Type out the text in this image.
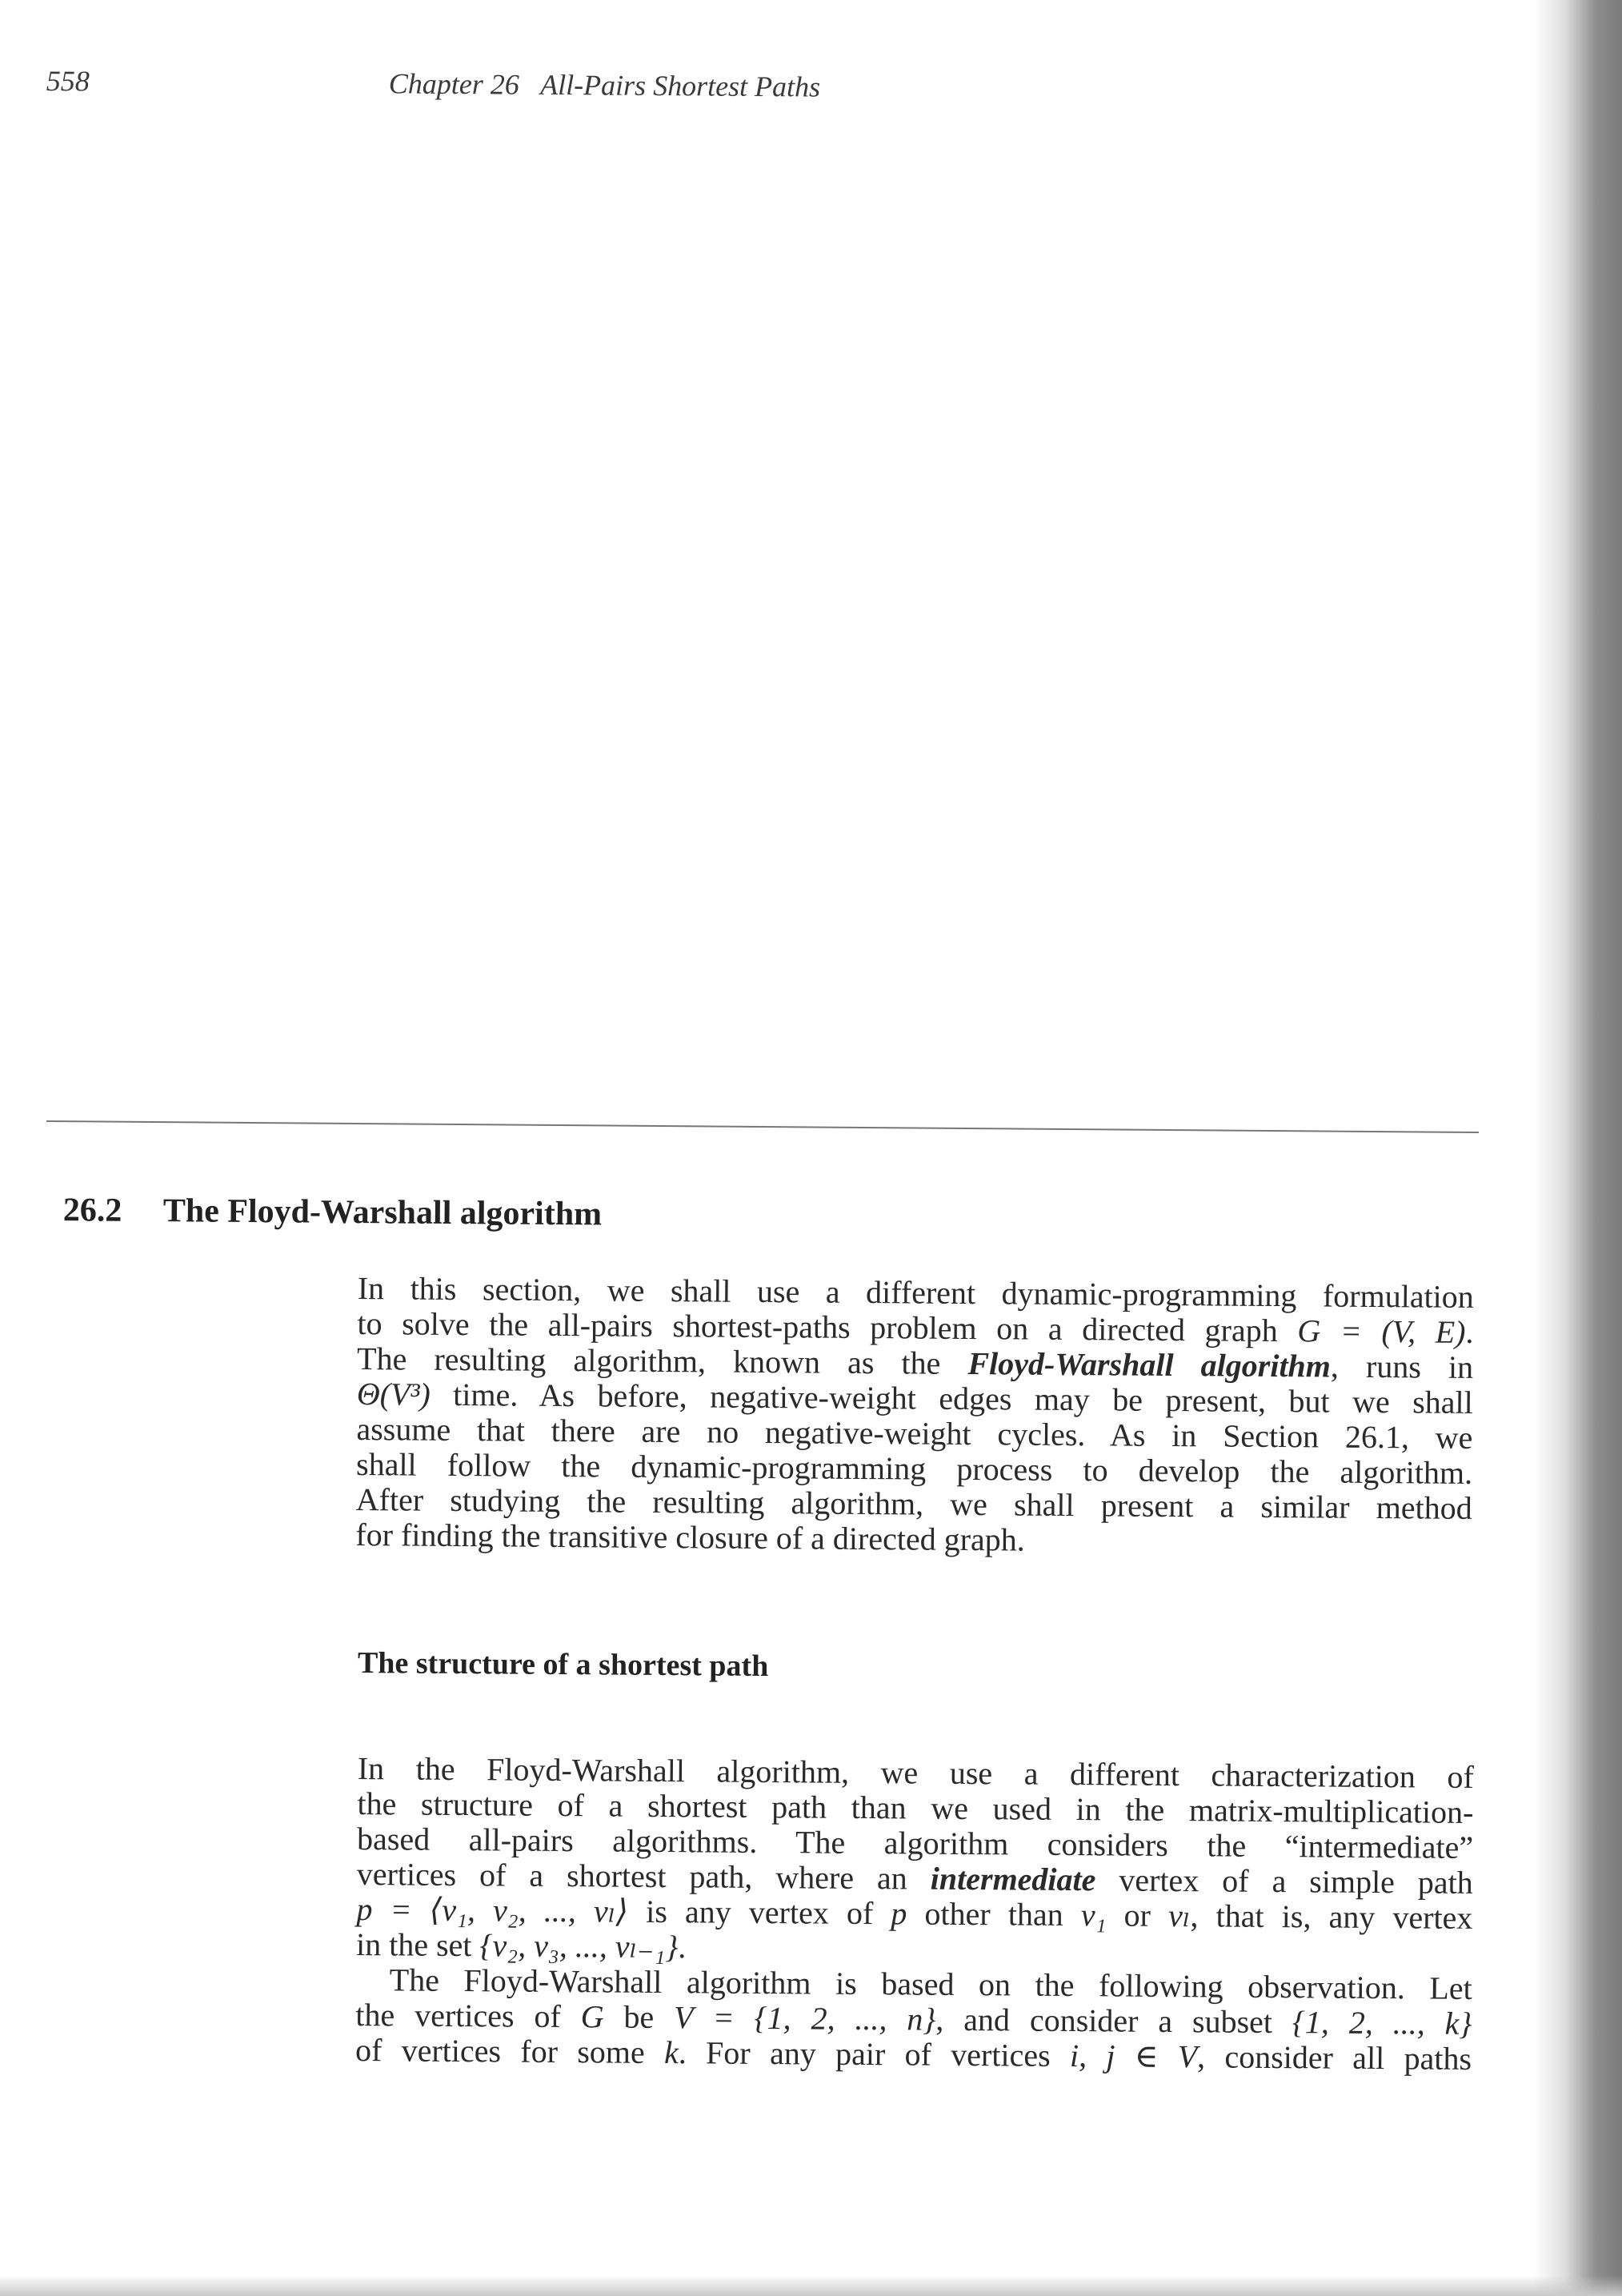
558	Chapter 26   All-Pairs Shortest Paths

26.2 The Floyd-Warshall algorithm

In this section, we shall use a different dynamic-programming formulation
to solve the all-pairs shortest-paths problem on a directed graph G = (V, E).
The resulting algorithm, known as the Floyd-Warshall algorithm, runs in
Θ(V³) time. As before, negative-weight edges may be present, but we shall
assume that there are no negative-weight cycles. As in Section 26.1, we
shall follow the dynamic-programming process to develop the algorithm.
After studying the resulting algorithm, we shall present a similar method
for finding the transitive closure of a directed graph.
The structure of a shortest path
In the Floyd-Warshall algorithm, we use a different characterization of
the structure of a shortest path than we used in the matrix-multiplication-
based all-pairs algorithms. The algorithm considers the “intermediate”
vertices of a shortest path, where an intermediate vertex of a simple path
p = ⟨v₁, v₂, ..., vₗ⟩ is any vertex of p other than v₁ or vₗ, that is, any vertex
in the set {v₂, v₃, ..., vₗ₋₁}.
The Floyd-Warshall algorithm is based on the following observation. Let
the vertices of G be V = {1, 2, ..., n}, and consider a subset {1, 2, ..., k}
of vertices for some k. For any pair of vertices i, j ∈ V, consider all paths
